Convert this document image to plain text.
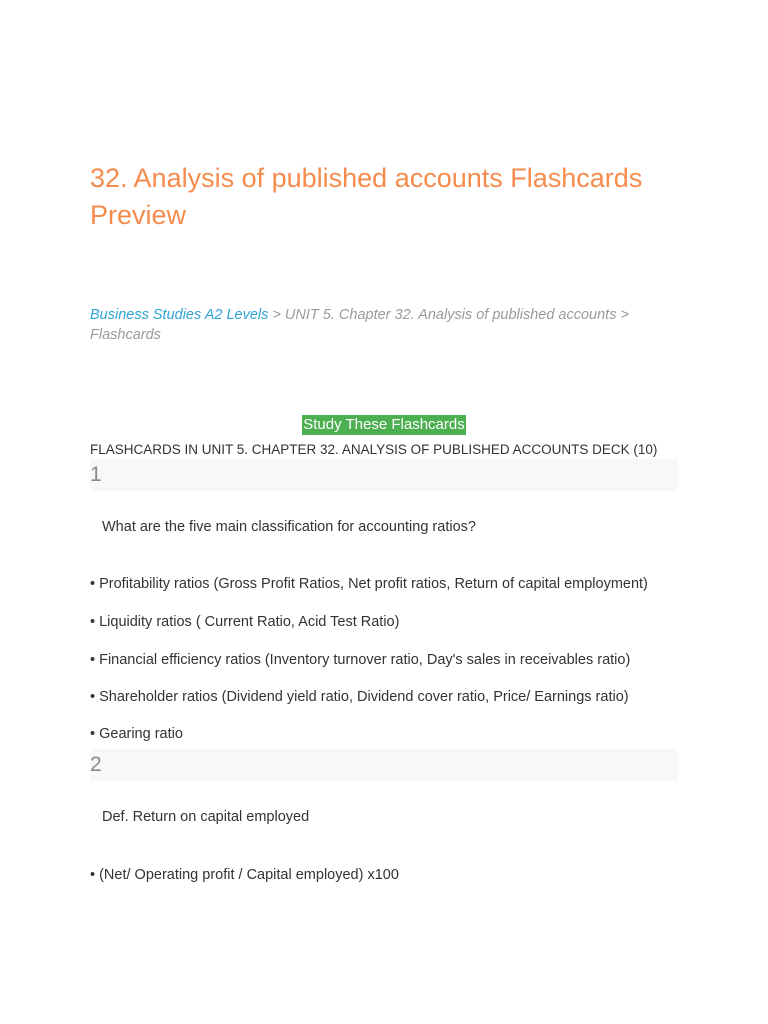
32. Analysis of published accounts Flashcards Preview
Business Studies A2 Levels > UNIT 5. Chapter 32. Analysis of published accounts > Flashcards
Study These Flashcards
FLASHCARDS IN UNIT 5. CHAPTER 32. ANALYSIS OF PUBLISHED ACCOUNTS DECK (10)
1
What are the five main classification for accounting ratios?
• Profitability ratios (Gross Profit Ratios, Net profit ratios, Return of capital employment)
• Liquidity ratios ( Current Ratio, Acid Test Ratio)
• Financial efficiency ratios (Inventory turnover ratio, Day's sales in receivables ratio)
• Shareholder ratios (Dividend yield ratio, Dividend cover ratio, Price/ Earnings ratio)
• Gearing ratio
2
Def. Return on capital employed
• (Net/ Operating profit / Capital employed) x100
